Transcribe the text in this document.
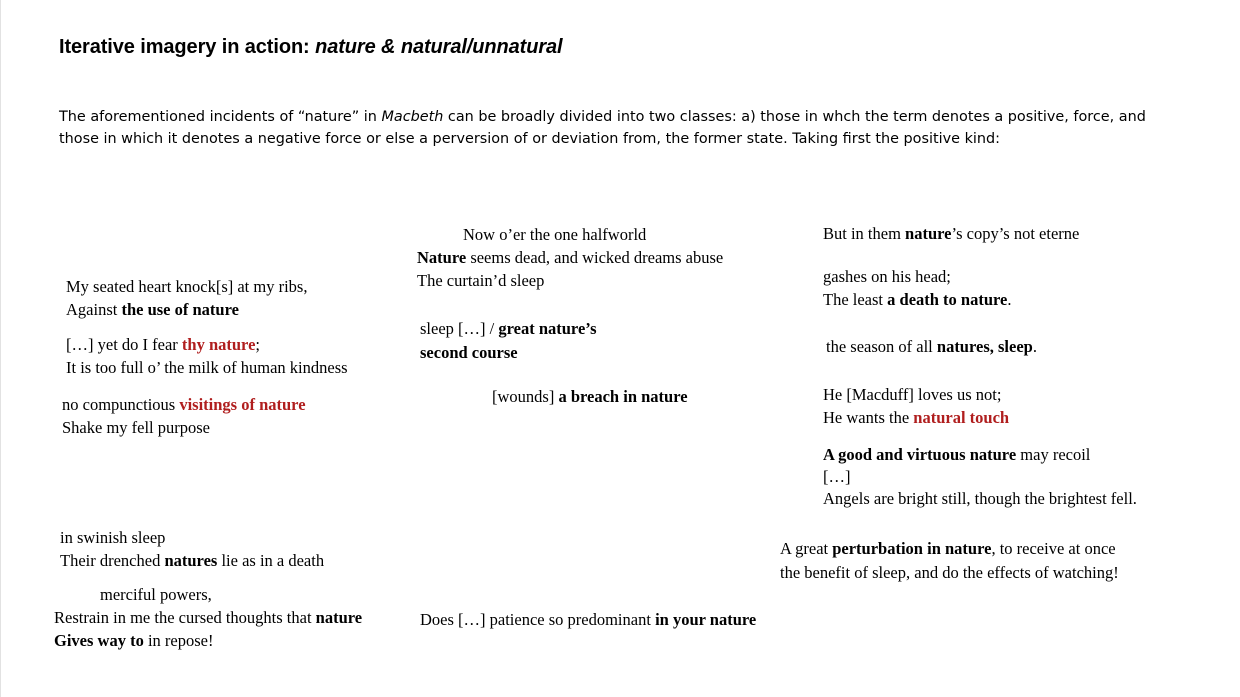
Iterative imagery in action: nature & natural/unnatural
The aforementioned incidents of “nature” in Macbeth can be broadly divided into two classes: a) those in whch the term denotes a positive, force, and those in which it denotes a negative force or else a perversion of or deviation from, the former state. Taking first the positive kind:
My seated heart knock[s] at my ribs,
Against the use of nature
[…] yet do I fear thy nature;
It is too full o’ the milk of human kindness
no compunctious visitings of nature
Shake my fell purpose
in swinish sleep
Their drenched natures lie as in a death
merciful powers,
Restrain in me the cursed thoughts that nature
Gives way to in repose!
Now o’er the one halfworld
Nature seems dead, and wicked dreams abuse
The curtain’d sleep
sleep […] / great nature’s
second course
[wounds] a breach in nature
Does […] patience so predominant in your nature
But in them nature’s copy’s not eterne
gashes on his head;
The least a death to nature.
the season of all natures, sleep.
He [Macduff] loves us not;
He wants the natural touch
A good and virtuous nature may recoil
[…]
Angels are bright still, though the brightest fell.
A great perturbation in nature, to receive at once
the benefit of sleep, and do the effects of watching!
